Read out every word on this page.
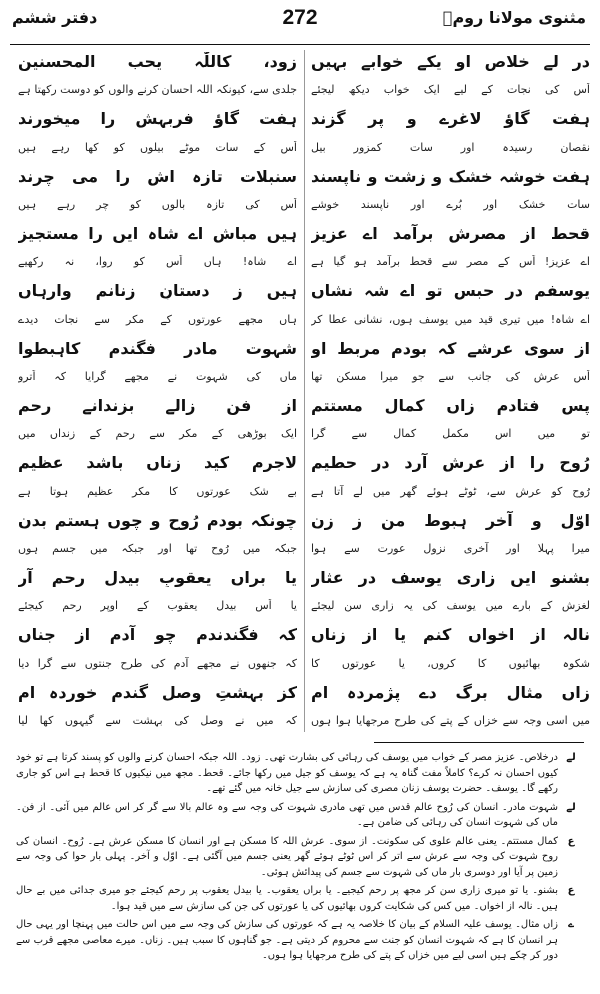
دفتر ششم	272	مثنوی مولانا رومؒ
در لے خلاص او یکے خوابے بہیں
اُس کی نجات کے لیے ایک خواب دیکھ لیجئے
ہفت گاؤ لاغرے و پر گزند
نقصان رسیدہ اور سات کمزور بیل
ہفت خوشہ خشک و زشت و ناپسند
سات خشک اور بُرے اور ناپسند خوشے
قحط از مصرش برآمد اے عزیز
اے عزیز! اُس کے مصر سے قحط برآمد ہو گیا ہے
یوسفم در حبس تو اے شہ نشاں
اے شاہ! میں تیری قید میں یوسف ہوں، نشانی عطا کر
از سوی عرشے کہ بودم مربط او
اُس عرش کی جانب سے جو میرا مسکن تھا
پس فتادم زاں کمال مستتم
تو میں اس مکمل کمال سے گرا
رُوح را از عرش آرد در حطیم
رُوح کو عرش سے، ٹوٹے ہوئے گھر میں لے آتا ہے
اوّل و آخر ہبوط من ز زن
میرا پہلا اور آخری نزول عورت سے ہوا
بشنو ایں زاری یوسف در عثار
لغزش کے بارے میں یوسف کی یہ زاری سن لیجئے
نالہ از اخواں کنم یا از زناں
شکوہ بھائیوں کا کروں، یا عورتوں کا
زاں مثال برگ دے پژمردہ ام
میں اسی وجہ سے خزاں کے پتے کی طرح مرجھایا ہوا ہوں
زود، کاللّٰہ یحب المحسنین
جلدی سے، کیونکہ اللہ احسان کرنے والوں کو دوست رکھتا ہے
ہفت گاؤ فربہش را میخورند
اُس کے سات موٹے بیلوں کو کھا رہے ہیں
سنبلات تازہ اش را می چرند
اُس کی تازہ بالوں کو چر رہے ہیں
ہیں مباش اے شاہ ایں را مستجیز
اے شاہ! ہاں اُس کو روا، نہ رکھیے
ہیں ز دستانِ زنانم وارہاں
ہاں مجھے عورتوں کے مکر سے نجات دیدے
شہوت مادر فگندم کاہبطوا
ماں کی شہوت نے مجھے گرایا کہ اُترو
از فن زالے بزندانے رحم
ایک بوڑھی کے مکر سے رحم کے زنداں میں
لاجرم کید زناں باشد عظیم
بے شک عورتوں کا مکر عظیم ہوتا ہے
چونکہ بودم رُوح و چوں ہستم بدن
جبکہ میں رُوح تھا اور جبکہ میں جسم ہوں
یا براں یعقوبِ بیدل رحم آر
یا اُس بیدل یعقوب کے اوپر رحم کیجئے
کہ فگندندم چو آدم از جناں
کہ جنھوں نے مجھے آدم کی طرح جنتوں سے گرا دیا
کز بہشتِ وصل گندم خوردہ ام
کہ میں نے وصل کی بہشت سے گیہوں کھا لیا
لے
درخلاص۔ عزیز مصر کے خواب میں یوسف کی رہائی کی بشارت تھی۔ زود۔ اللہ جبکہ احسان کرنے والوں کو پسند کرتا ہے تو خود کیوں احسان نہ کرے؟ کاملاً مفت گناہ یہ ہے کہ یوسف کو جیل میں رکھا جائے۔ قحط۔ مجھ میں نیکیوں کا قحط ہے اس کو جاری رکھے گا۔ یوسف۔ حضرت یوسف زنان مصری کی سازش سے جیل خانہ میں گئے تھے۔
لے
شہوت مادر۔ انسان کی رُوح عالم قدس میں تھی مادری شہوت کی وجہ سے وہ عالم بالا سے گر کر اس عالم میں آئی۔ از فن۔ ماں کی شہوت انسان کی رہائی کی ضامن ہے۔
ع
کمال مستتم۔ یعنی عالم علوی کی سکونت۔ از سوی۔ عرش اللہ کا مسکن ہے اور انسان کا مسکن عرش ہے۔ رُوح۔ انسان کی روح شہوت کی وجہ سے عرش سے اتر کر اس ٹوٹے ہوئے گھر یعنی جسم میں آگئی ہے۔ اوّل و آخر۔ پہلی بار حوا کی وجہ سے زمین پر آیا اور دوسری بار ماں کی شہوت سے جسم کی پیدائش ہوئی۔
ع
بشنو۔ یا تو میری زاری سن کر مجھ پر رحم کیجیے۔ یا براں یعقوب۔ یا بیدل یعقوب پر رحم کیجئے جو میری جدائی میں بے حال ہیں۔ نالہ از اخواں۔ میں کس کی شکایت کروں بھائیوں کی یا عورتوں کی جن کی سازش سے میں قید ہوا۔
ے
زاں مثال۔ یوسف علیہ السلام کے بیان کا خلاصہ یہ ہے کہ عورتوں کی سازش کی وجہ سے میں اس حالت میں پہنچا اور یہی حال ہر انسان کا ہے کہ شہوت انسان کو جنت سے محروم کر دیتی ہے۔ جو گناہوں کا سبب ہیں۔ زناں۔ میرے معاصی مجھے قرب سے دور کر چکے ہیں اسی لیے میں خزاں کے پتے کی طرح مرجھایا ہوا ہوں۔
